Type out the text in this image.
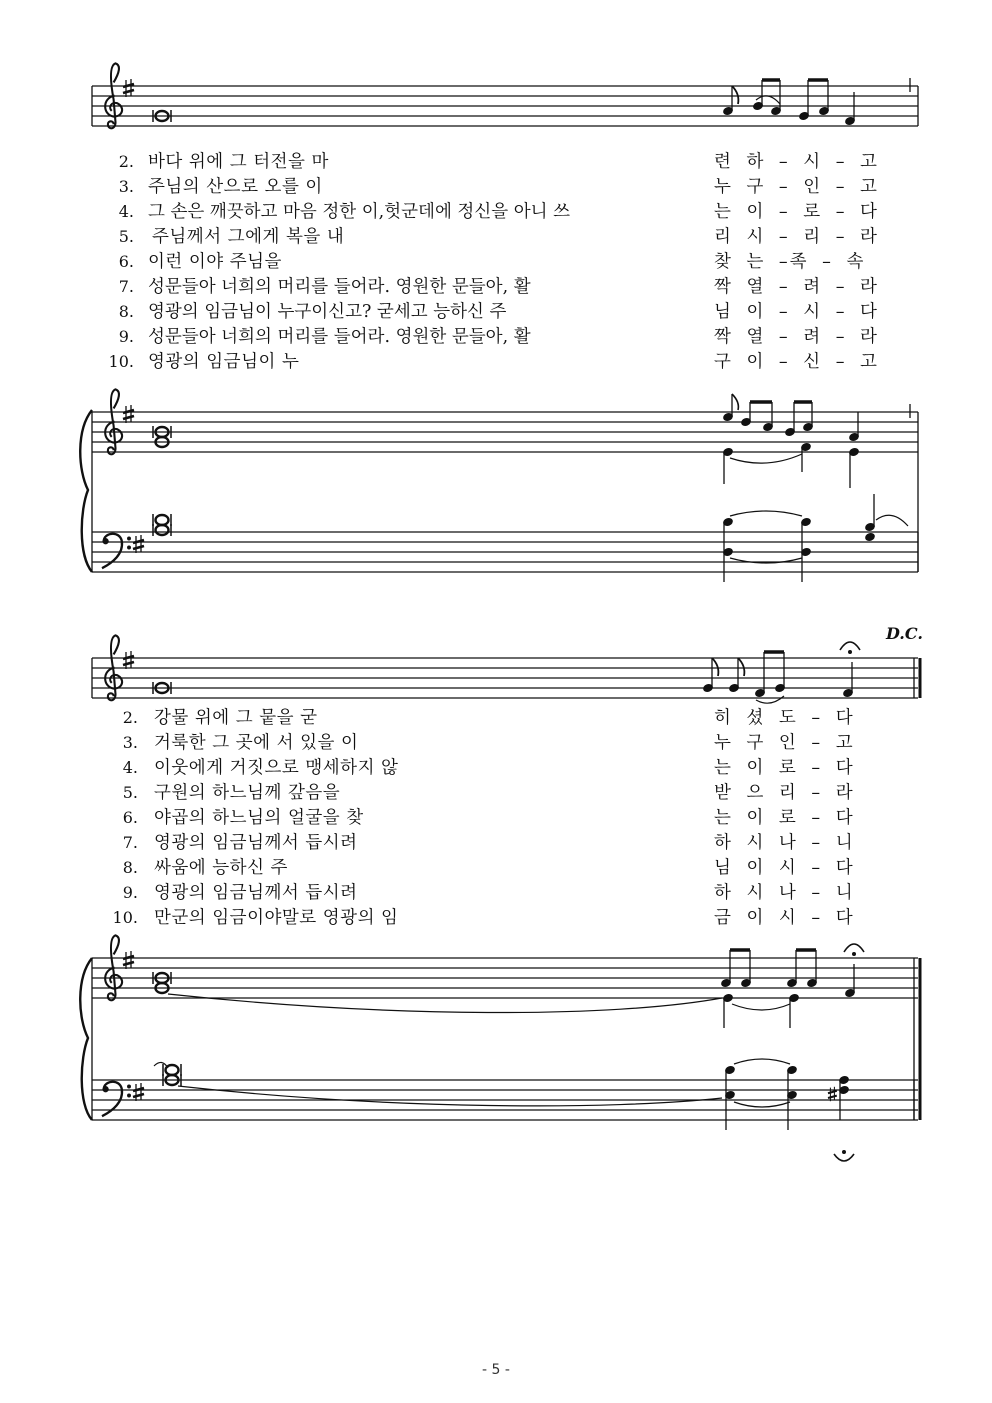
2. 바다 위에 그 터전을 마	련 하 – 시 – 고
3. 주님의 산으로 오를 이	누 구 – 인 – 고
4. 그 손은 깨끗하고 마음 정한 이,헛군데에 정신을 아니 쓰	는 이 – 로 – 다
5. 주님께서 그에게 복을 내	리 시 – 리 – 라
6. 이런 이야 주님을	찾 는 –족 – 속
7. 성문들아 너희의 머리를 들어라. 영원한 문들아, 활	짝 열 – 려 – 라
8. 영광의 임금님이 누구이신고? 굳세고 능하신 주	님 이 – 시 – 다
9. 성문들아 너희의 머리를 들어라. 영원한 문들아, 활	짝 열 – 려 – 라
10. 영광의 임금님이 누	구 이 – 신 – 고
D.C.
2. 강물 위에 그 뭍을 굳	히 셨 도 – 다
3. 거룩한 그 곳에 서 있을 이	누 구 인 – 고
4. 이웃에게 거짓으로 맹세하지 않	는 이 로 – 다
5. 구원의 하느님께 갚음을	받 으 리 – 라
6. 야곱의 하느님의 얼굴을 찾	는 이 로 – 다
7. 영광의 임금님께서 듭시려	하 시 나 – 니
8. 싸움에 능하신 주	님 이 시 – 다
9. 영광의 임금님께서 듭시려	하 시 나 – 니
10. 만군의 임금이야말로 영광의 임	금 이 시 – 다
- 5 -
